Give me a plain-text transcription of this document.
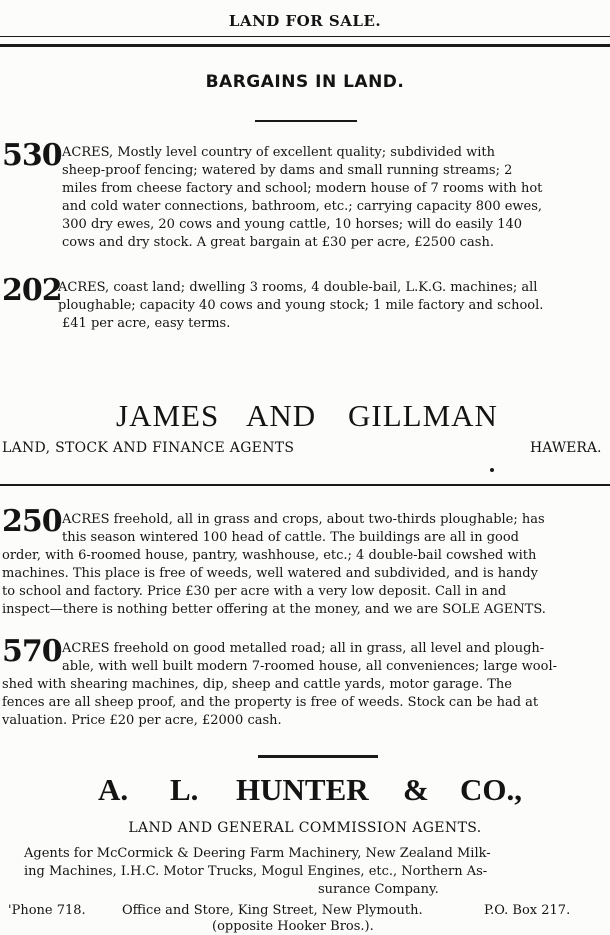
LAND FOR SALE.
BARGAINS IN LAND.
530 ACRES, Mostly level country of excellent quality; subdivided with
sheep-proof fencing; watered by dams and small running streams; 2
miles from cheese factory and school; modern house of 7 rooms with hot
and cold water connections, bathroom, etc.; carrying capacity 800 ewes,
300 dry ewes, 20 cows and young cattle, 10 horses; will do easily 140
cows and dry stock. A great bargain at £30 per acre, £2500 cash.
202
ACRES, coast land; dwelling 3 rooms, 4 double-bail, L.K.G. machines; all
ploughable; capacity 40 cows and young stock; 1 mile factory and school.
£41 per acre, easy terms.
JAMES AND GILLMAN
LAND, STOCK AND FINANCE AGENTS	HAWERA.
250 ACRES freehold, all in grass and crops, about two-thirds ploughable; has
this season wintered 100 head of cattle. The buildings are all in good
order, with 6-roomed house, pantry, washhouse, etc.; 4 double-bail cowshed with
machines. This place is free of weeds, well watered and subdivided, and is handy
to school and factory. Price £30 per acre with a very low deposit. Call in and
inspect—there is nothing better offering at the money, and we are SOLE AGENTS.
570 ACRES freehold on good metalled road; all in grass, all level and plough-
able, with well built modern 7-roomed house, all conveniences; large wool-
shed with shearing machines, dip, sheep and cattle yards, motor garage. The
fences are all sheep proof, and the property is free of weeds. Stock can be had at
valuation. Price £20 per acre, £2000 cash.
A. L. HUNTER & CO.,
LAND AND GENERAL COMMISSION AGENTS.
Agents for McCormick & Deering Farm Machinery, New Zealand Milk-
ing Machines, I.H.C. Motor Trucks, Mogul Engines, etc., Northern As-
surance Company.
'Phone 718.	Office and Store, King Street, New Plymouth.	P.O. Box 217.
(opposite Hooker Bros.).
